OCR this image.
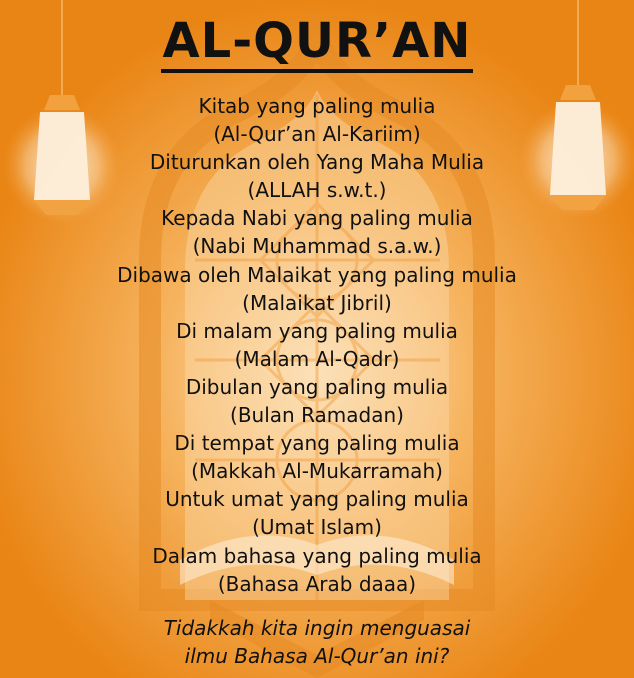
AL-QUR’AN
Kitab yang paling mulia
(Al-Qur’an Al-Kariim)
Diturunkan oleh Yang Maha Mulia
(ALLAH s.w.t.)
Kepada Nabi yang paling mulia
(Nabi Muhammad s.a.w.)
Dibawa oleh Malaikat yang paling mulia
(Malaikat Jibril)
Di malam yang paling mulia
(Malam Al-Qadr)
Dibulan yang paling mulia
(Bulan Ramadan)
Di tempat yang paling mulia
(Makkah Al-Mukarramah)
Untuk umat yang paling mulia
(Umat Islam)
Dalam bahasa yang paling mulia
(Bahasa Arab daaa)
Tidakkah kita ingin menguasai
ilmu Bahasa Al-Qur’an ini?
